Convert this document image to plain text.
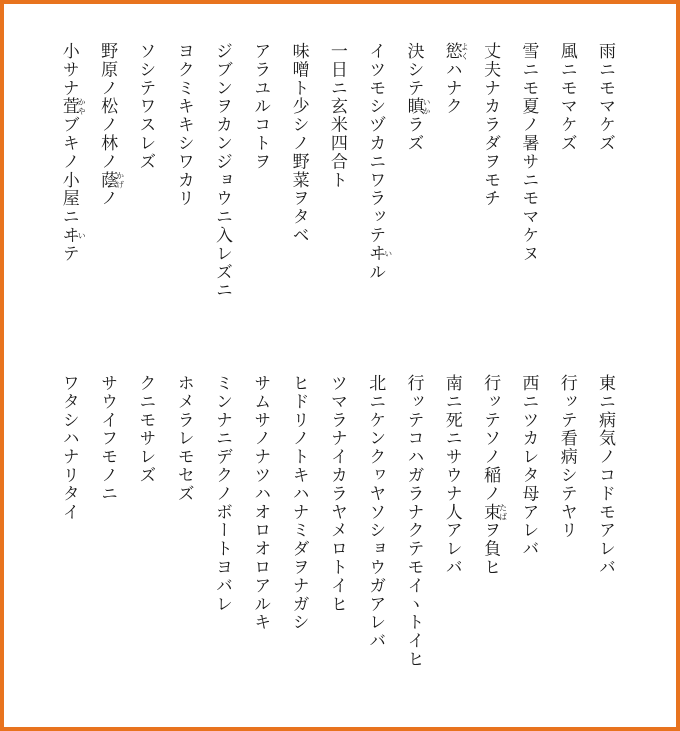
雨ニモマケズ
風ニモマケズ
雪ニモ夏ノ暑サニモマケヌ
丈夫ナカラダヲモチ
慾よくハナク
決シテ瞋いかラズ
イツモシヅカニワラッテヰいル
一日ニ玄米四合ト
味噌ト少シノ野菜ヲタベ
アラユルコトヲ
ジブンヲカンジョウニ入レズニ
ヨクミキキシワカリ
ソシテワスレズ
野原ノ松ノ林ノ蔭かげノ
小サナ萓かやブキノ小屋ニヰいテ
東ニ病気ノコドモアレバ
行ッテ看病シテヤリ
西ニツカレタ母アレバ
行ッテソノ稲ノ束たばヲ負ヒ
南ニ死ニサウナ人アレバ
行ッテコハガラナクテモイヽトイヒ
北ニケンクヮヤソショウガアレバ
ツマラナイカラヤメロトイヒ
ヒドリノトキハナミダヲナガシ
サムサノナツハオロオロアルキ
ミンナニデクノボートヨバレ
ホメラレモセズ
クニモサレズ
サウイフモノニ
ワタシハナリタイ
